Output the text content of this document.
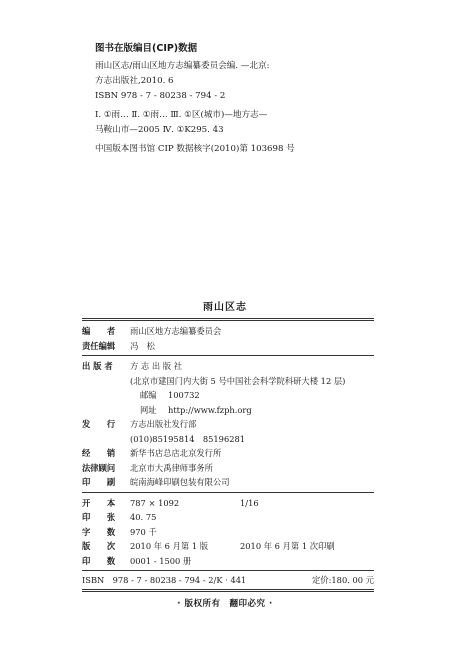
图书在版编目(CIP)数据
雨山区志/雨山区地方志编纂委员会编. —北京:
方志出版社,2010. 6
ISBN 978 - 7 - 80238 - 794 - 2
Ⅰ. ①雨… Ⅱ. ①雨… Ⅲ. ①区(城市)—地方志—
马鞍山市—2005 Ⅳ. ①K295. 43
中国版本图书馆 CIP 数据核字(2010)第 103698 号
雨山区志
编　　者	雨山区地方志编纂委员会
责任编辑	冯　松
出 版 者	方 志 出 版 社
(北京市建国门内大街 5 号中国社会科学院科研大楼 12 层)
邮编	100732
网址	http://www.fzph.org
发　　行	方志出版社发行部
(010)85195814　85196281
经　　销	新华书店总店北京发行所
法律顾问	北京市大禹律师事务所
印　　刷	皖南海峰印刷包装有限公司
开　　本	787 × 1092	1/16
印　　张	40. 75
字　　数	970 千
版　　次	2010 年 6 月第 1 版	2010 年 6 月第 1 次印刷
印　　数	0001 - 1500 册
ISBN　978 - 7 - 80238 - 794 - 2/K · 441	定价:180. 00 元
· 版权所有　翻印必究 ·
